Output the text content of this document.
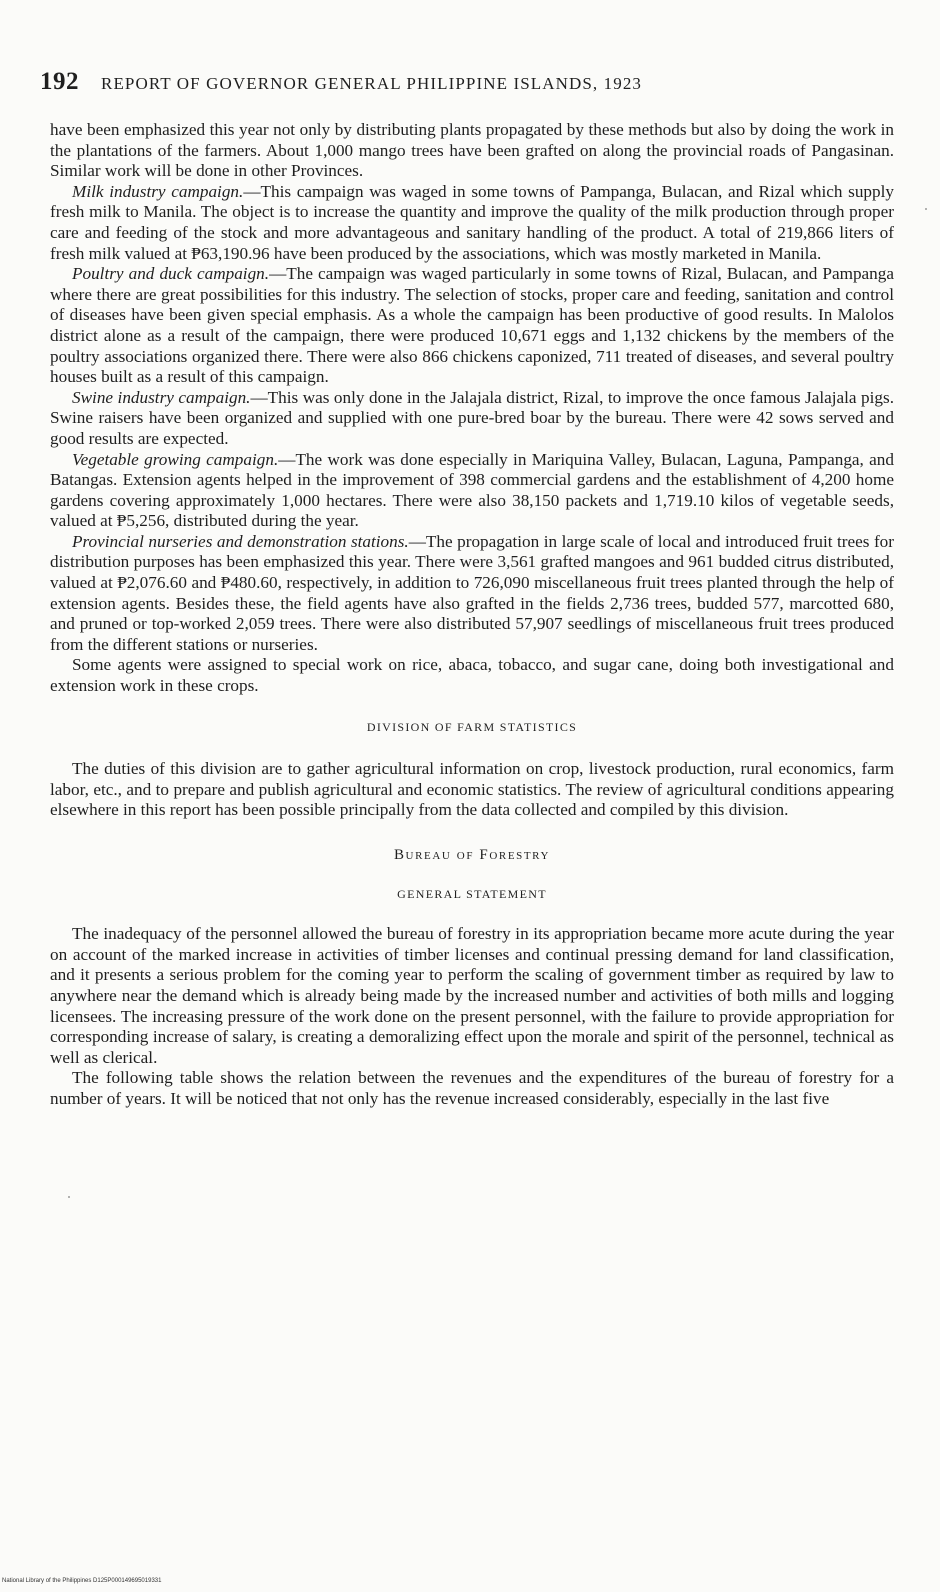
192 REPORT OF GOVERNOR GENERAL PHILIPPINE ISLANDS, 1923

have been emphasized this year not only by distributing plants propagated by these methods but also by doing the work in the plantations of the farmers. About 1,000 mango trees have been grafted on along the provincial roads of Pangasinan. Similar work will be done in other Provinces.

Milk industry campaign.—This campaign was waged in some towns of Pampanga, Bulacan, and Rizal which supply fresh milk to Manila. The object is to increase the quantity and improve the quality of the milk production through proper care and feeding of the stock and more advantageous and sanitary handling of the product. A total of 219,866 liters of fresh milk valued at ₱63,190.96 have been produced by the associations, which was mostly marketed in Manila.

Poultry and duck campaign.—The campaign was waged particularly in some towns of Rizal, Bulacan, and Pampanga where there are great possibilities for this industry. The selection of stocks, proper care and feeding, sanitation and control of diseases have been given special emphasis. As a whole the campaign has been productive of good results. In Malolos district alone as a result of the campaign, there were produced 10,671 eggs and 1,132 chickens by the members of the poultry associations organized there. There were also 866 chickens caponized, 711 treated of diseases, and several poultry houses built as a result of this campaign.

Swine industry campaign.—This was only done in the Jalajala district, Rizal, to improve the once famous Jalajala pigs. Swine raisers have been organized and supplied with one pure-bred boar by the bureau. There were 42 sows served and good results are expected.

Vegetable growing campaign.—The work was done especially in Mariquina Valley, Bulacan, Laguna, Pampanga, and Batangas. Extension agents helped in the improvement of 398 commercial gardens and the establishment of 4,200 home gardens covering approximately 1,000 hectares. There were also 38,150 packets and 1,719.10 kilos of vegetable seeds, valued at ₱5,256, distributed during the year.

Provincial nurseries and demonstration stations.—The propagation in large scale of local and introduced fruit trees for distribution purposes has been emphasized this year. There were 3,561 grafted mangoes and 961 budded citrus distributed, valued at ₱2,076.60 and ₱480.60, respectively, in addition to 726,090 miscellaneous fruit trees planted through the help of extension agents. Besides these, the field agents have also grafted in the fields 2,736 trees, budded 577, marcotted 680, and pruned or top-worked 2,059 trees. There were also distributed 57,907 seedlings of miscellaneous fruit trees produced from the different stations or nurseries.

Some agents were assigned to special work on rice, abaca, tobacco, and sugar cane, doing both investigational and extension work in these crops.

DIVISION OF FARM STATISTICS

The duties of this division are to gather agricultural information on crop, livestock production, rural economics, farm labor, etc., and to prepare and publish agricultural and economic statistics. The review of agricultural conditions appearing elsewhere in this report has been possible principally from the data collected and compiled by this division.

Bureau of Forestry
GENERAL STATEMENT

The inadequacy of the personnel allowed the bureau of forestry in its appropriation became more acute during the year on account of the marked increase in activities of timber licenses and continual pressing demand for land classification, and it presents a serious problem for the coming year to perform the scaling of government timber as required by law to anywhere near the demand which is already being made by the increased number and activities of both mills and logging licensees. The increasing pressure of the work done on the present personnel, with the failure to provide appropriation for corresponding increase of salary, is creating a demoralizing effect upon the morale and spirit of the personnel, technical as well as clerical.

The following table shows the relation between the revenues and the expenditures of the bureau of forestry for a number of years. It will be noticed that not only has the revenue increased considerably, especially in the last five

National Library of the Philippines D125P000149695019331
